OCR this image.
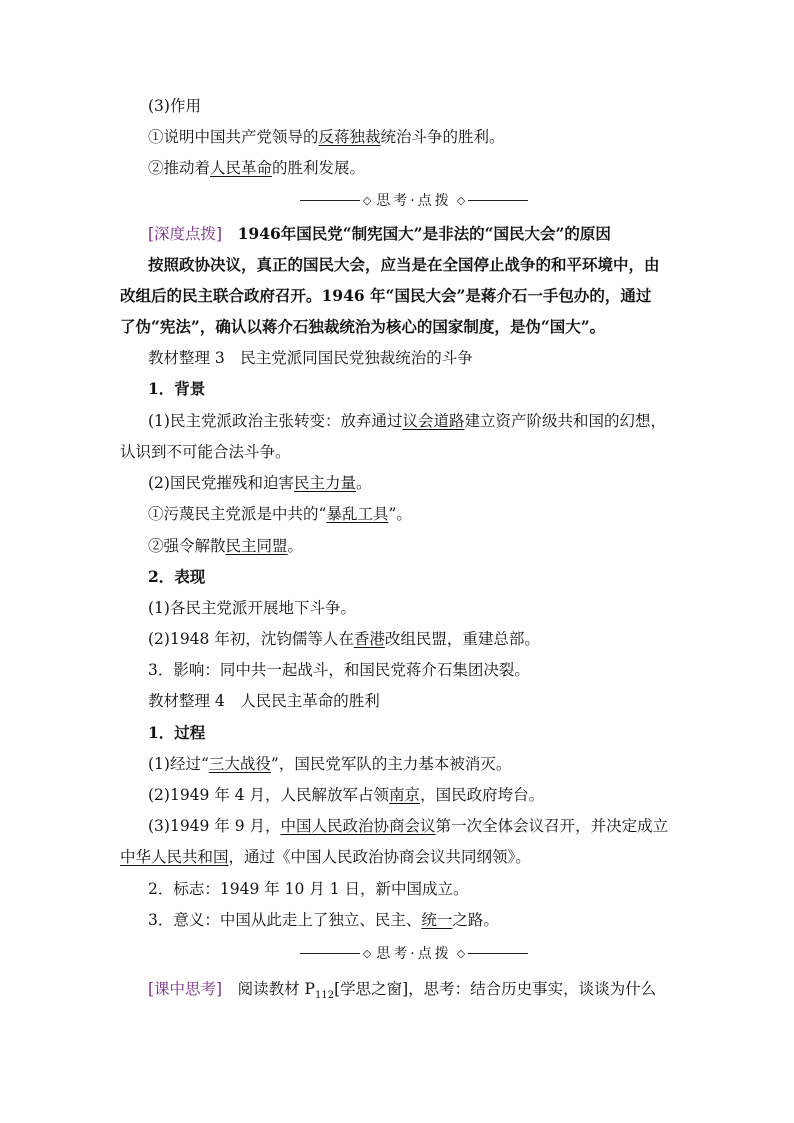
(3)作用
①说明中国共产党领导的反蒋独裁统治斗争的胜利。
②推动着人民革命的胜利发展。
◇ 思考·点拨 ◇
[深度点拨]　 1946年国民党“制宪国大”是非法的“国民大会”的原因
按照政协决议，真正的国民大会，应当是在全国停止战争的和平环境中，由
改组后的民主联合政府召开。1946 年“国民大会”是蒋介石一手包办的，通过
了伪“宪法”，确认以蒋介石独裁统治为核心的国家制度，是伪“国大”。
教材整理 3　民主党派同国民党独裁统治的斗争
1．背景
(1)民主党派政治主张转变：放弃通过议会道路建立资产阶级共和国的幻想，
认识到不可能合法斗争。
(2)国民党摧残和迫害民主力量。
①污蔑民主党派是中共的“暴乱工具”。
②强令解散民主同盟。
2．表现
(1)各民主党派开展地下斗争。
(2)1948 年初，沈钧儒等人在香港改组民盟，重建总部。
3．影响：同中共一起战斗，和国民党蒋介石集团决裂。
教材整理 4　人民民主革命的胜利
1．过程
(1)经过“三大战役”，国民党军队的主力基本被消灭。
(2)1949 年 4 月，人民解放军占领南京，国民政府垮台。
(3)1949 年 9 月，中国人民政治协商会议第一次全体会议召开，并决定成立
中华人民共和国，通过《中国人民政治协商会议共同纲领》。
2．标志：1949 年 10 月 1 日，新中国成立。
3．意义：中国从此走上了独立、民主、统一之路。
◇ 思考·点拨 ◇
[课中思考]　 阅读教材 $P_{112}$[学思之窗]，思考：结合历史事实，谈谈为什么
